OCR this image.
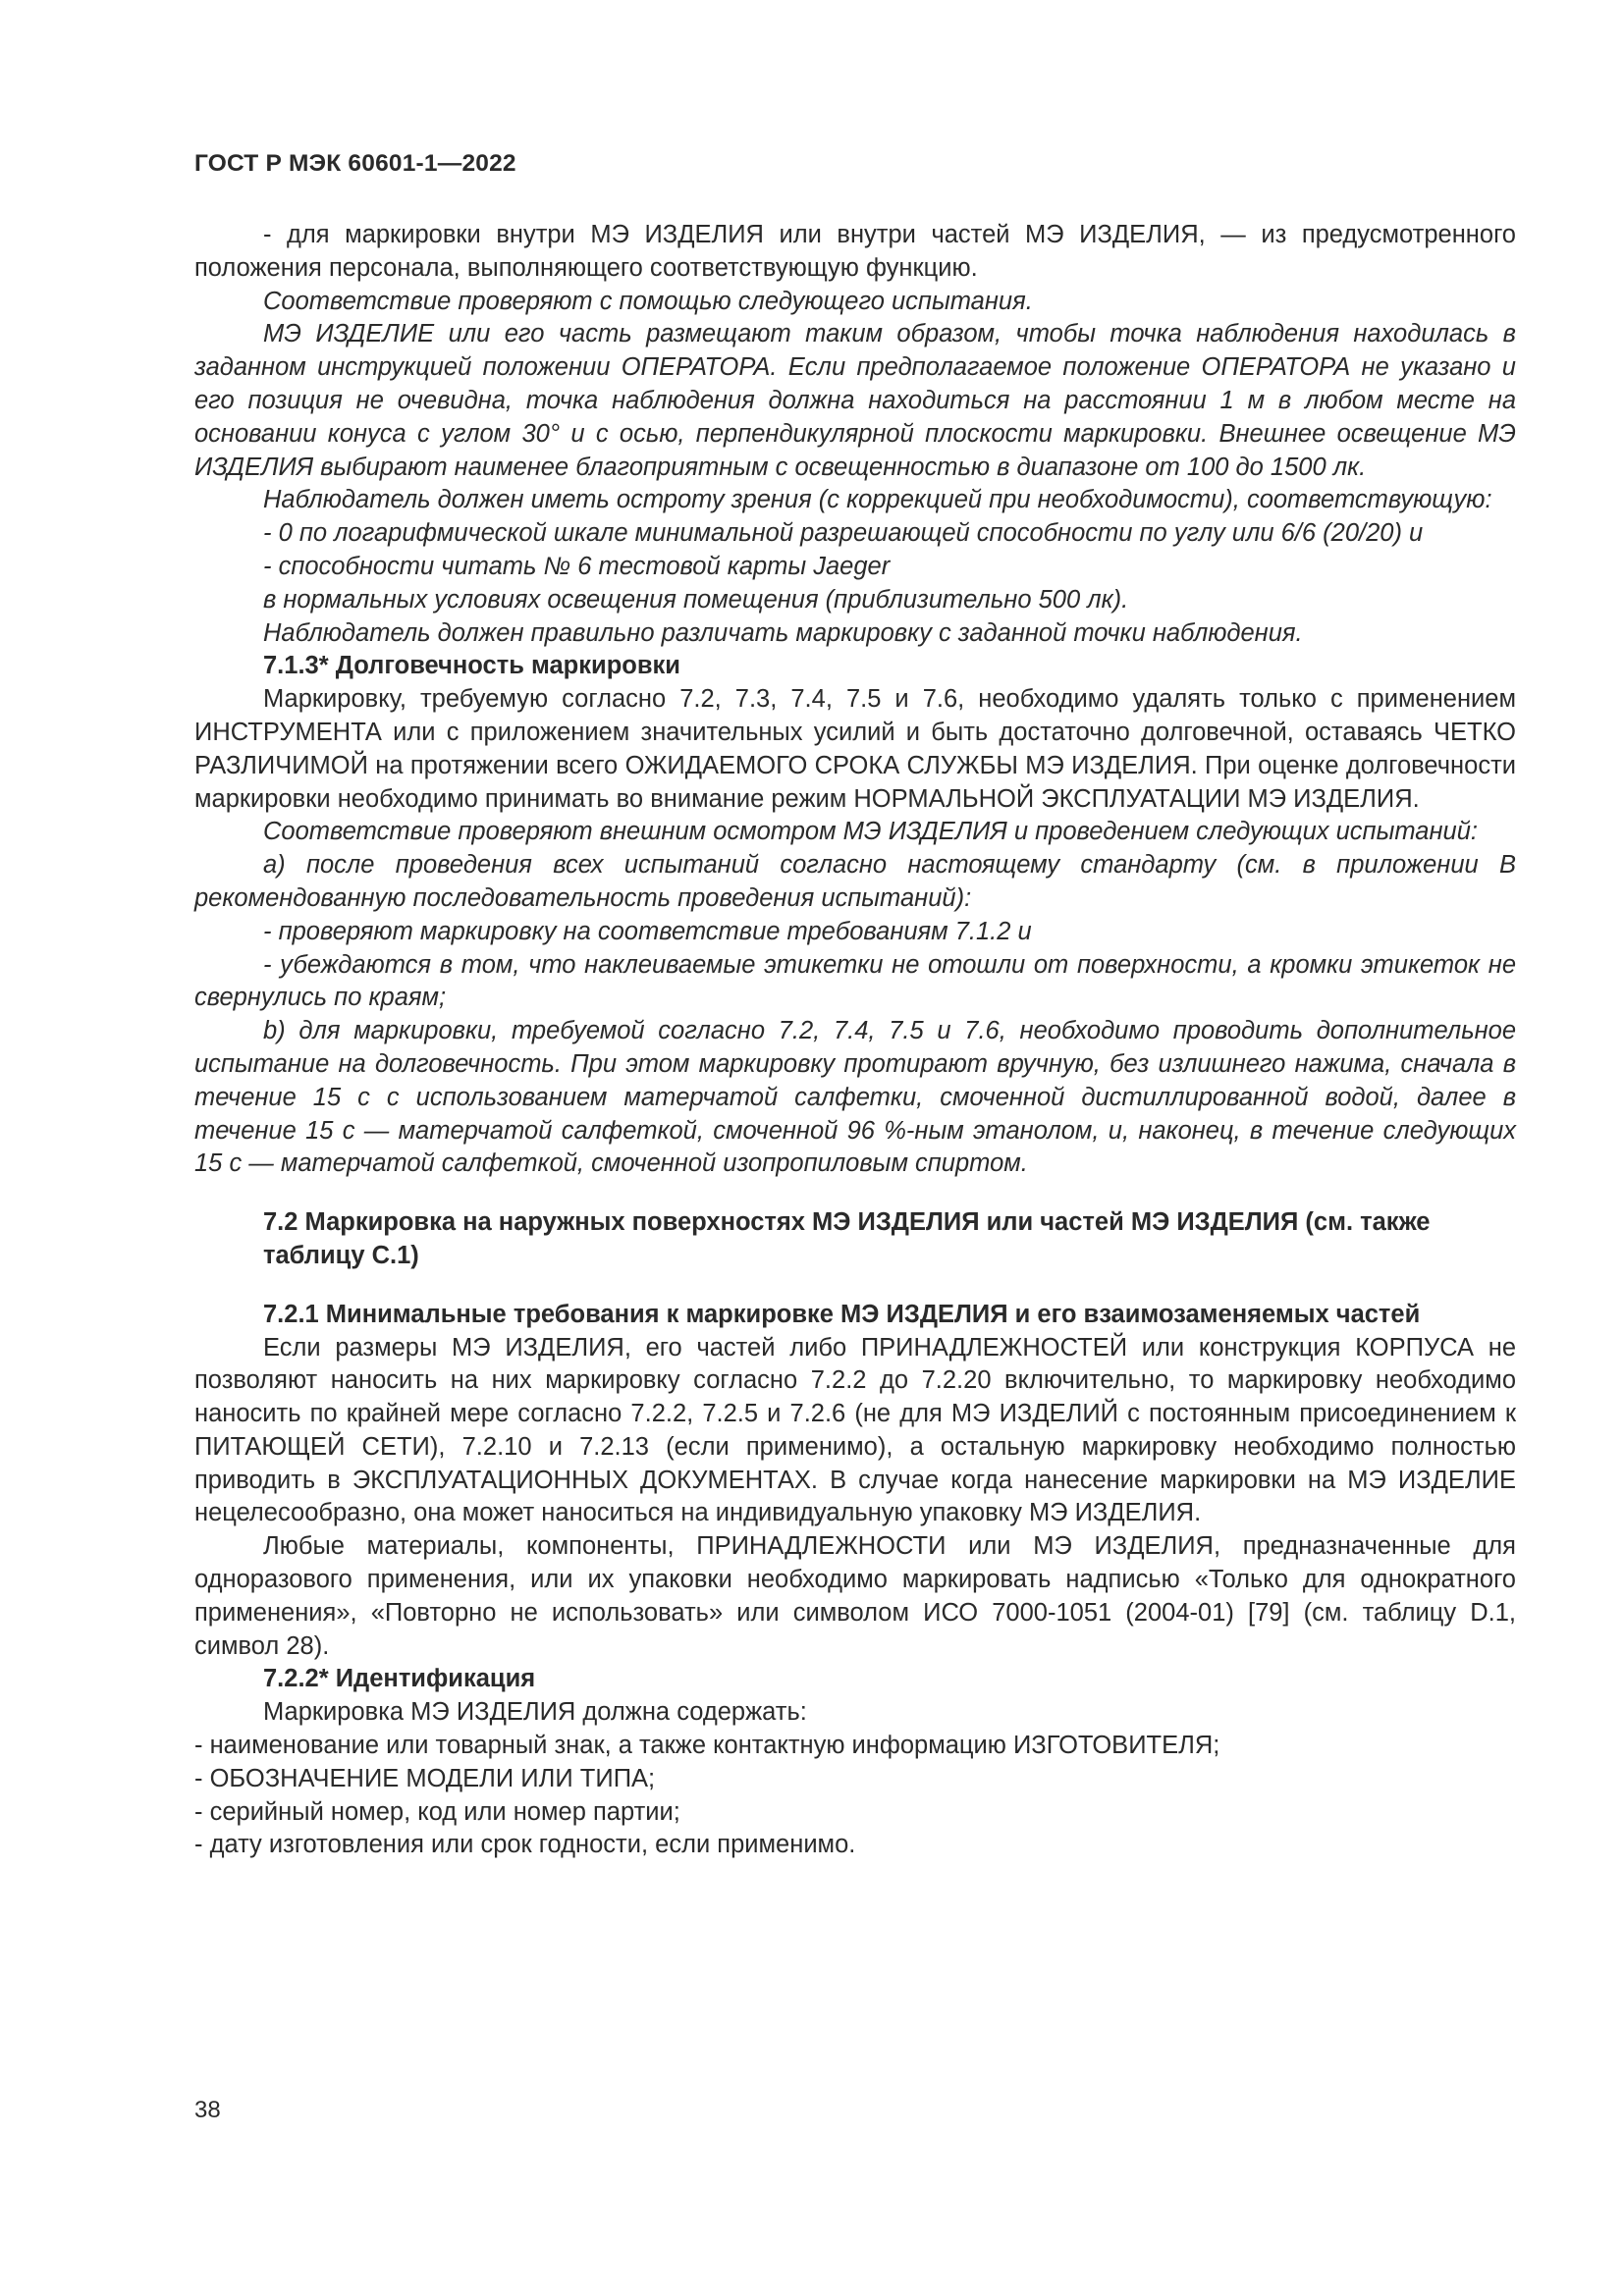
ГОСТ Р МЭК 60601-1—2022

- для маркировки внутри МЭ ИЗДЕЛИЯ или внутри частей МЭ ИЗДЕЛИЯ, — из предусмотренного положения персонала, выполняющего соответствующую функцию.

Соответствие проверяют с помощью следующего испытания.

МЭ ИЗДЕЛИЕ или его часть размещают таким образом, чтобы точка наблюдения находилась в заданном инструкцией положении ОПЕРАТОРА. Если предполагаемое положение ОПЕРАТОРА не указано и его позиция не очевидна, точка наблюдения должна находиться на расстоянии 1 м в любом месте на основании конуса с углом 30° и с осью, перпендикулярной плоскости маркировки. Внешнее освещение МЭ ИЗДЕЛИЯ выбирают наименее благоприятным с освещенностью в диапазоне от 100 до 1500 лк.

Наблюдатель должен иметь остроту зрения (с коррекцией при необходимости), соответствующую:

- 0 по логарифмической шкале минимальной разрешающей способности по углу или 6/6 (20/20) и

- способности читать № 6 тестовой карты Jaeger

в нормальных условиях освещения помещения (приблизительно 500 лк).

Наблюдатель должен правильно различать маркировку с заданной точки наблюдения.

7.1.3* Долговечность маркировки

Маркировку, требуемую согласно 7.2, 7.3, 7.4, 7.5 и 7.6, необходимо удалять только с применением ИНСТРУМЕНТА или с приложением значительных усилий и быть достаточно долговечной, оставаясь ЧЕТКО РАЗЛИЧИМОЙ на протяжении всего ОЖИДАЕМОГО СРОКА СЛУЖБЫ МЭ ИЗДЕЛИЯ. При оценке долговечности маркировки необходимо принимать во внимание режим НОРМАЛЬНОЙ ЭКСПЛУАТАЦИИ МЭ ИЗДЕЛИЯ.

Соответствие проверяют внешним осмотром МЭ ИЗДЕЛИЯ и проведением следующих испытаний:

а) после проведения всех испытаний согласно настоящему стандарту (см. в приложении В рекомендованную последовательность проведения испытаний):

- проверяют маркировку на соответствие требованиям 7.1.2 и

- убеждаются в том, что наклеиваемые этикетки не отошли от поверхности, а кромки этикеток не свернулись по краям;

b) для маркировки, требуемой согласно 7.2, 7.4, 7.5 и 7.6, необходимо проводить дополнительное испытание на долговечность. При этом маркировку протирают вручную, без излишнего нажима, сначала в течение 15 с с использованием матерчатой салфетки, смоченной дистиллированной водой, далее в течение 15 с — матерчатой салфеткой, смоченной 96 %-ным этанолом, и, наконец, в течение следующих 15 с — матерчатой салфеткой, смоченной изопропиловым спиртом.

7.2 Маркировка на наружных поверхностях МЭ ИЗДЕЛИЯ или частей МЭ ИЗДЕЛИЯ (см. также таблицу С.1)

7.2.1 Минимальные требования к маркировке МЭ ИЗДЕЛИЯ и его взаимозаменяемых частей

Если размеры МЭ ИЗДЕЛИЯ, его частей либо ПРИНАДЛЕЖНОСТЕЙ или конструкция КОРПУСА не позволяют наносить на них маркировку согласно 7.2.2 до 7.2.20 включительно, то маркировку необходимо наносить по крайней мере согласно 7.2.2, 7.2.5 и 7.2.6 (не для МЭ ИЗДЕЛИЙ с постоянным присоединением к ПИТАЮЩЕЙ СЕТИ), 7.2.10 и 7.2.13 (если применимо), а остальную маркировку необходимо полностью приводить в ЭКСПЛУАТАЦИОННЫХ ДОКУМЕНТАХ. В случае когда нанесение маркировки на МЭ ИЗДЕЛИЕ нецелесообразно, она может наноситься на индивидуальную упаковку МЭ ИЗДЕЛИЯ.

Любые материалы, компоненты, ПРИНАДЛЕЖНОСТИ или МЭ ИЗДЕЛИЯ, предназначенные для одноразового применения, или их упаковки необходимо маркировать надписью «Только для однократного применения», «Повторно не использовать» или символом ИСО 7000-1051 (2004-01) [79] (см. таблицу D.1, символ 28).

7.2.2* Идентификация

Маркировка МЭ ИЗДЕЛИЯ должна содержать:

- наименование или товарный знак, а также контактную информацию ИЗГОТОВИТЕЛЯ;

- ОБОЗНАЧЕНИЕ МОДЕЛИ ИЛИ ТИПА;

- серийный номер, код или номер партии;

- дату изготовления или срок годности, если применимо.

38
